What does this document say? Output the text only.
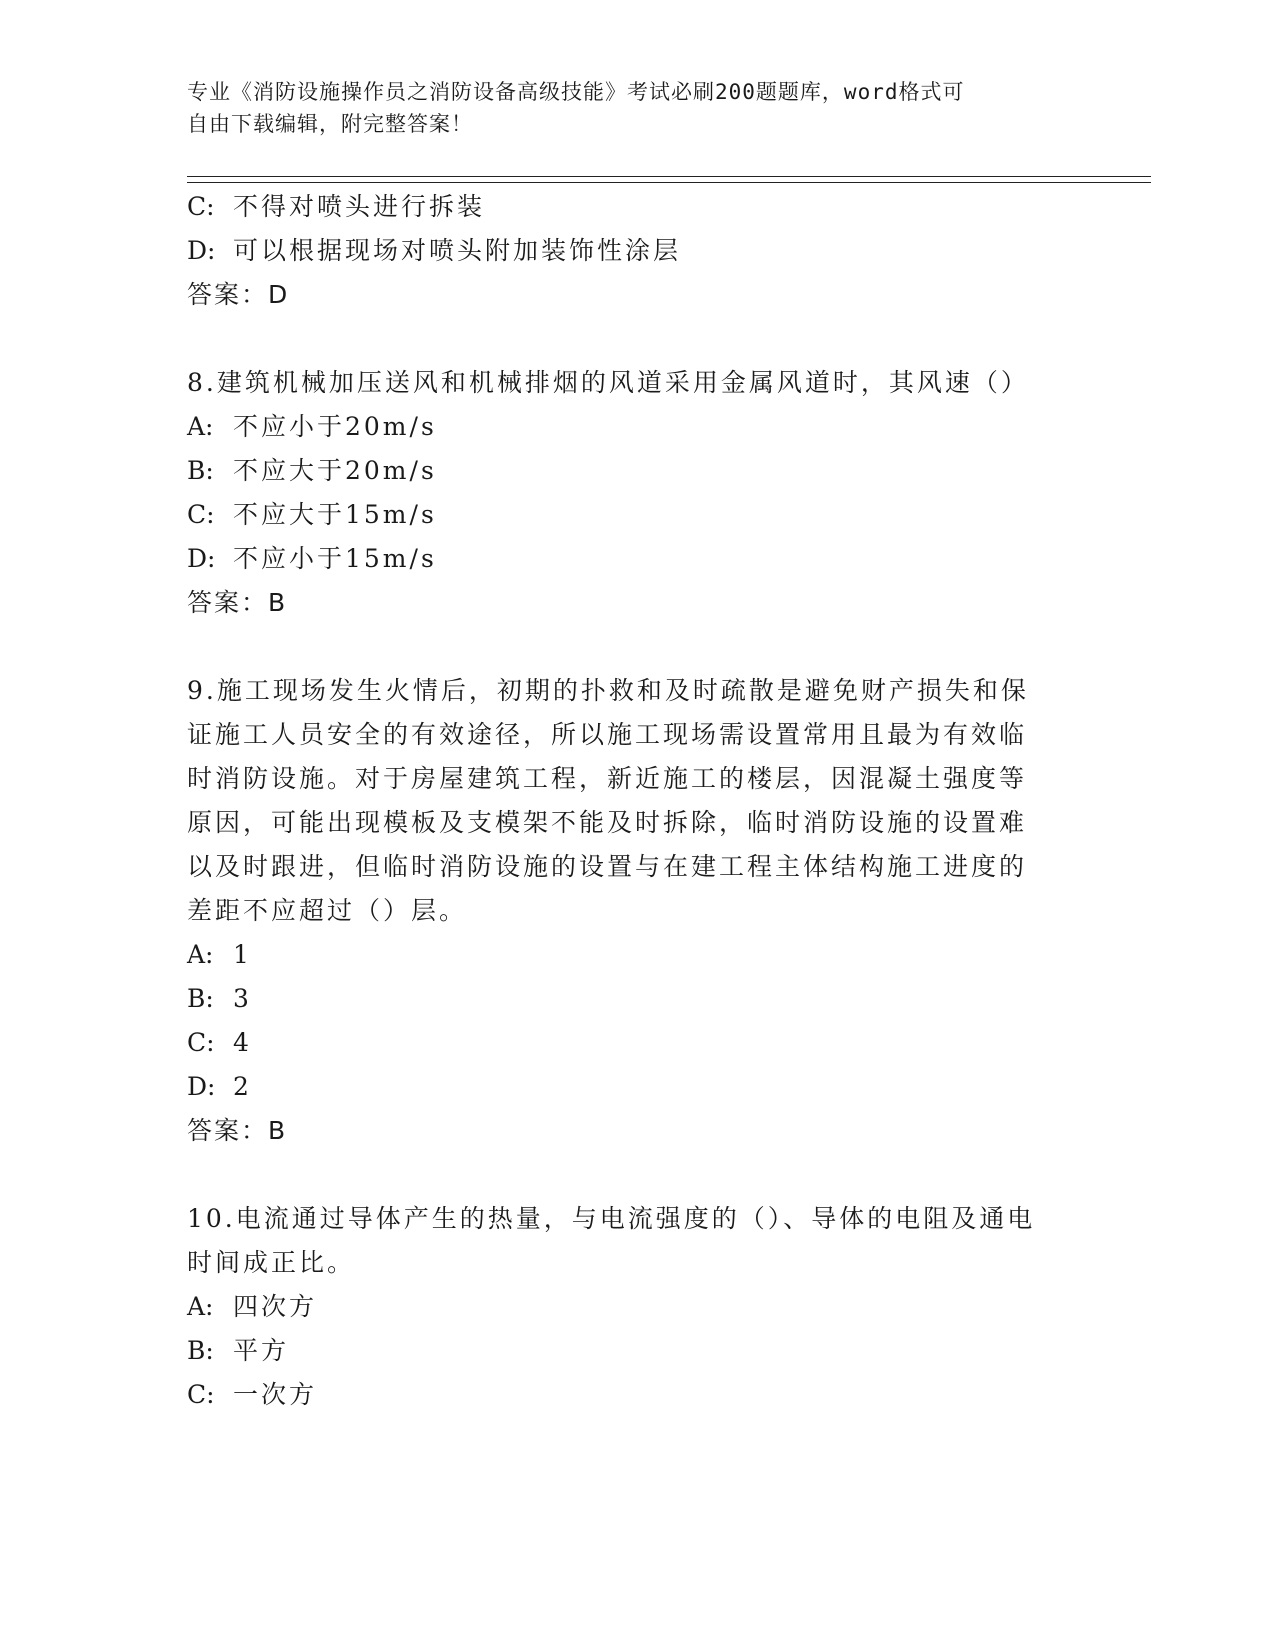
专业《消防设施操作员之消防设备高级技能》考试必刷200题题库，word格式可
自由下载编辑，附完整答案！
C: 不得对喷头进行拆装
D: 可以根据现场对喷头附加装饰性涂层
答案：D
8.建筑机械加压送风和机械排烟的风道采用金属风道时，其风速（）
A: 不应小于20m/s
B: 不应大于20m/s
C: 不应大于15m/s
D: 不应小于15m/s
答案：B
9.施工现场发生火情后，初期的扑救和及时疏散是避免财产损失和保
证施工人员安全的有效途径，所以施工现场需设置常用且最为有效临
时消防设施。对于房屋建筑工程，新近施工的楼层，因混凝土强度等
原因，可能出现模板及支模架不能及时拆除，临时消防设施的设置难
以及时跟进，但临时消防设施的设置与在建工程主体结构施工进度的
差距不应超过（）层。
A: 1
B: 3
C: 4
D: 2
答案：B
10.电流通过导体产生的热量，与电流强度的（）、导体的电阻及通电
时间成正比。
A: 四次方
B: 平方
C: 一次方
